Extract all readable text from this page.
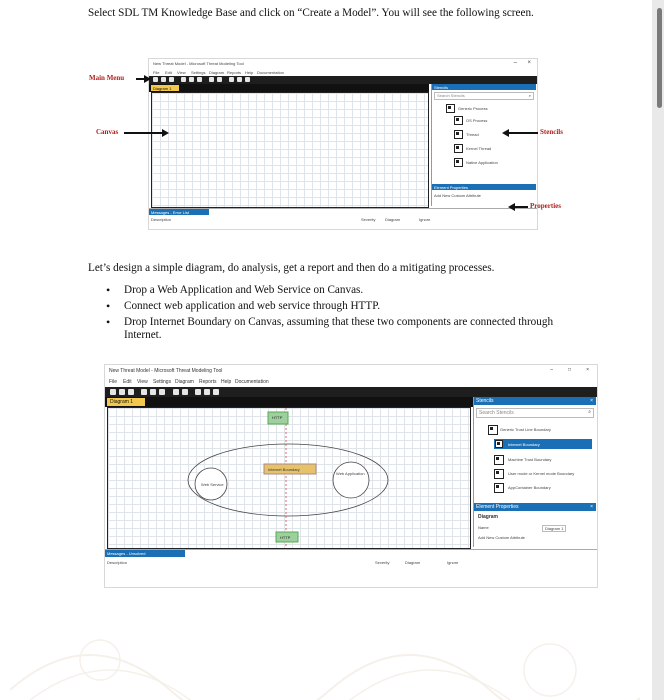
Select SDL TM Knowledge Base and click on “Create a Model”. You will see the following screen.

New Threat Model - Microsoft Threat Modeling Tool	×
–
File Edit View Settings Diagram Reports Help Documentation
Diagram 1	Stencils
Search Stencils	⌕
Generic Process
OS Process
Thread
Kernel Thread
Native Application
Element Properties
Add New Custom Attribute
Messages - Error List
Description	Severity Diagram	Ignore
Main Menu
Canvas	Stencils
Properties

Let’s design a simple diagram, do analysis, get a report and then do a mitigating processes.

• Drop a Web Application and Web Service on Canvas.
• Connect web application and web service through HTTP.
• Drop Internet Boundary on Canvas, assuming that these two components are connected through Internet.
New Threat Model - Microsoft Threat Modeling Tool	–	□	×
File Edit View Settings Diagram Reports Help Documentation
Diagram 1
HTTP
Internet Boundary
HTTP
Web Service
Web Application
Stencils	×
Search Stencils	⌕
Generic Trust Line Boundary
Internet Boundary
Machine Trust Boundary
User mode or Kernel mode Boundary
AppContainer Boundary
Element Properties	×
Diagram
Name	Diagram 1
Add New Custom Attribute
Messages - Unsolved
Description	Severity	Diagram	Ignore
